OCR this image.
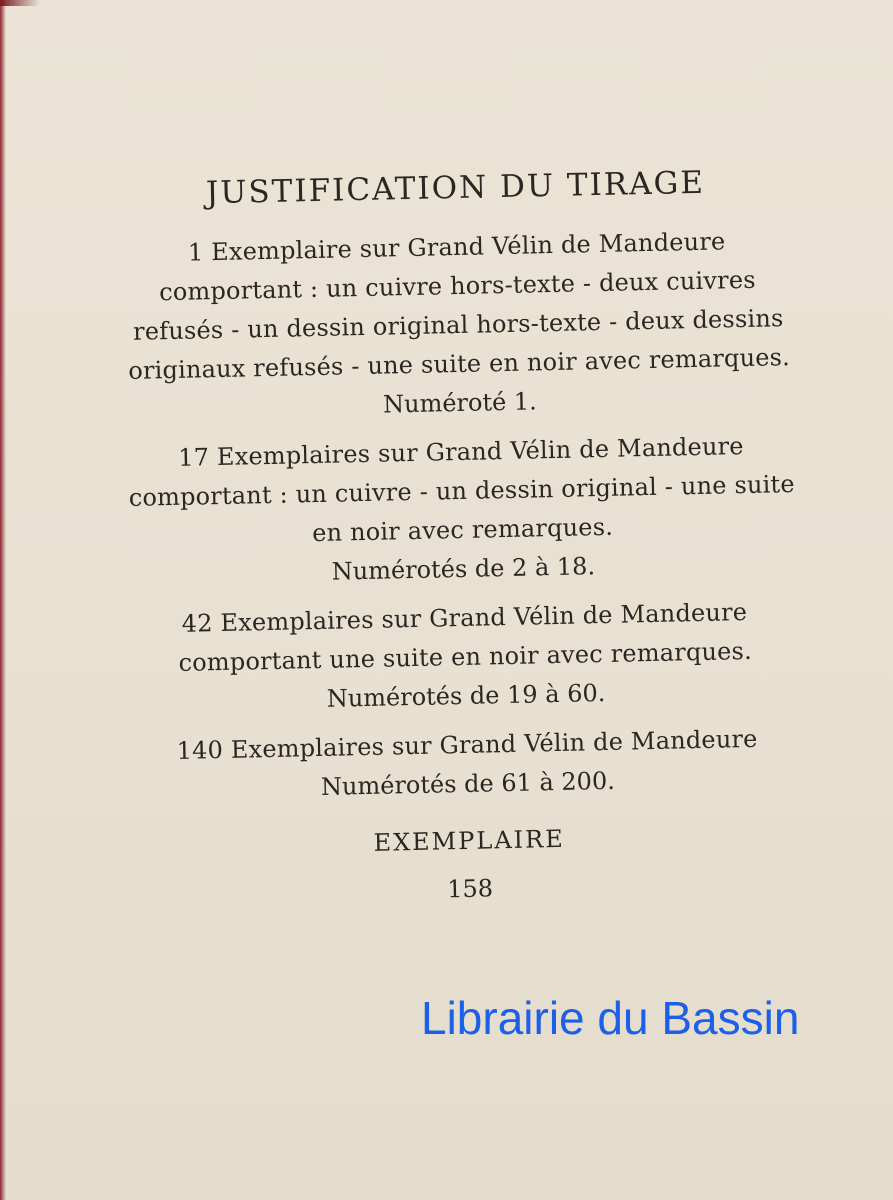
JUSTIFICATION DU TIRAGE

1 Exemplaire sur Grand Vélin de Mandeure comportant : un cuivre hors-texte - deux cuivres refusés - un dessin original hors-texte - deux dessins originaux refusés - une suite en noir avec remarques.

Numéroté 1.

17 Exemplaires sur Grand Vélin de Mandeure comportant : un cuivre - un dessin original - une suite en noir avec remarques.

Numérotés de 2 à 18.

42 Exemplaires sur Grand Vélin de Mandeure comportant une suite en noir avec remarques.

Numérotés de 19 à 60.

140 Exemplaires sur Grand Vélin de Mandeure

Numérotés de 61 à 200.

EXEMPLAIRE

158

Librairie du Bassin
